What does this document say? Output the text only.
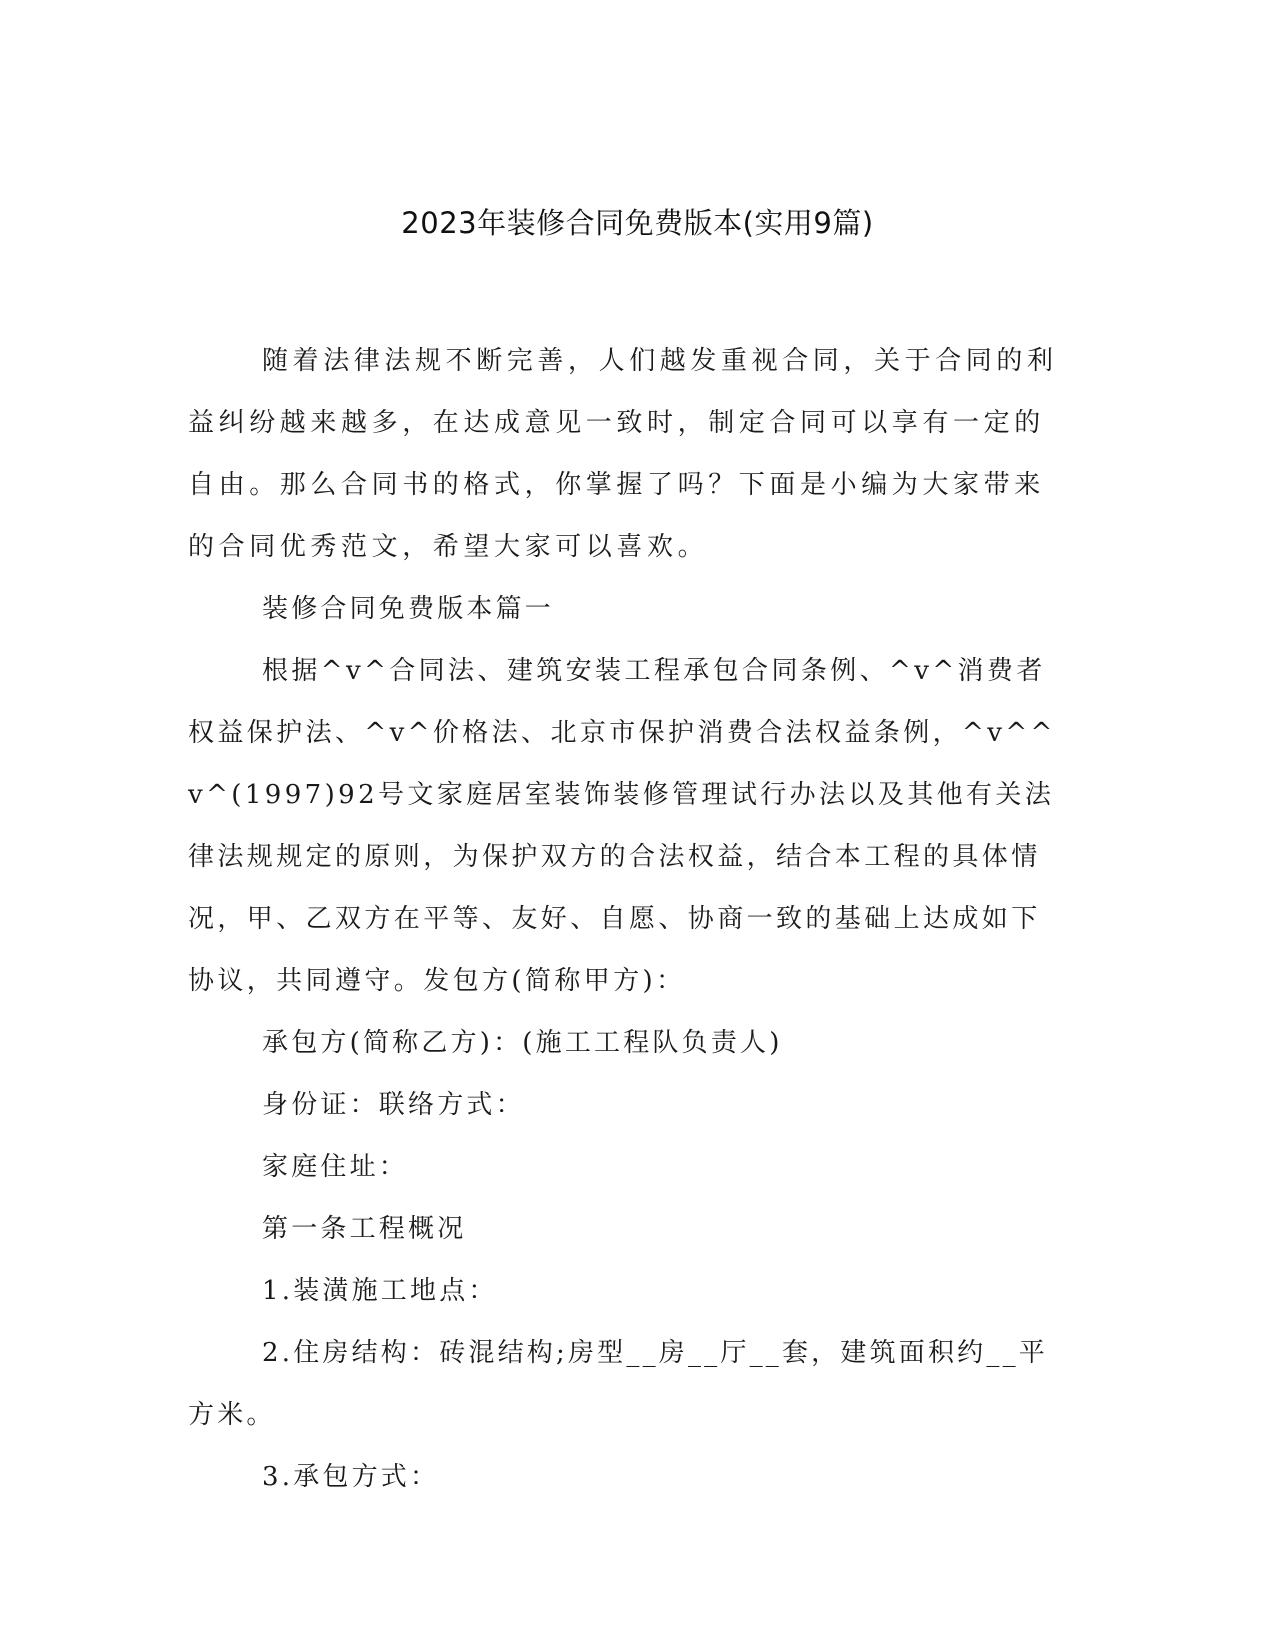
2023年装修合同免费版本(实用9篇)

随着法律法规不断完善，人们越发重视合同，关于合同的利益纠纷越来越多，在达成意见一致时，制定合同可以享有一定的自由。那么合同书的格式，你掌握了吗？下面是小编为大家带来的合同优秀范文，希望大家可以喜欢。

装修合同免费版本篇一

根据^v^合同法、建筑安装工程承包合同条例、^v^消费者权益保护法、^v^价格法、北京市保护消费合法权益条例，^v^^v^(1997)92号文家庭居室装饰装修管理试行办法以及其他有关法律法规规定的原则，为保护双方的合法权益，结合本工程的具体情况，甲、乙双方在平等、友好、自愿、协商一致的基础上达成如下协议，共同遵守。发包方(简称甲方)：

承包方(简称乙方)：(施工工程队负责人)

身份证：联络方式：

家庭住址：

第一条工程概况

1.装潢施工地点：

2.住房结构：砖混结构;房型__房__厅__套，建筑面积约__平方米。

3.承包方式：
